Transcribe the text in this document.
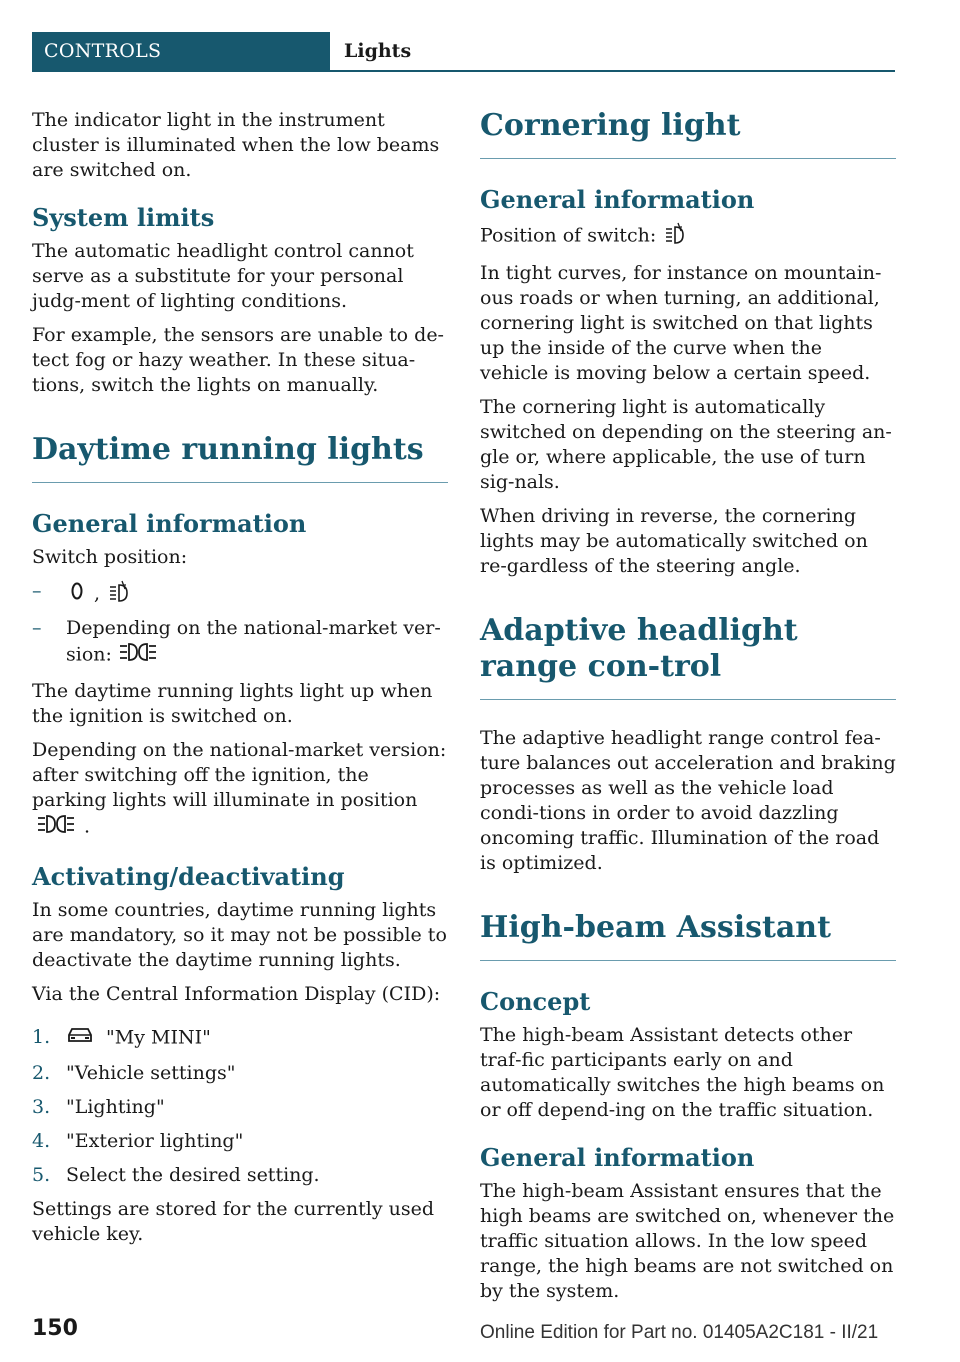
CONTROLS	Lights

The indicator light in the instrument cluster is illuminated when the low beams are switched on.

System limits

The automatic headlight control cannot serve as a substitute for your personal judg‐ment of lighting conditions.

For example, the sensors are unable to de‐tect fog or hazy weather. In these situa‐tions, switch the lights on manually.

Daytime running lights
General information

Switch position:

–	,
– Depending on the national-market ver‐sion:

The daytime running lights light up when the ignition is switched on.

Depending on the national-market version: after switching off the ignition, the parking lights will illuminate in position .

Activating/deactivating

In some countries, daytime running lights are mandatory, so it may not be possible to deactivate the daytime running lights.

Via the Central Information Display (CID):

1.	"My MINI"
2. "Vehicle settings"
3. "Lighting"
4. "Exterior lighting"
5. Select the desired setting.

Settings are stored for the currently used vehicle key.

Cornering light
General information

Position of switch:

In tight curves, for instance on mountain‐ous roads or when turning, an additional, cornering light is switched on that lights up the inside of the curve when the vehicle is moving below a certain speed.

The cornering light is automatically switched on depending on the steering an‐gle or, where applicable, the use of turn sig‐nals.

When driving in reverse, the cornering lights may be automatically switched on re‐gardless of the steering angle.

Adaptive headlight range con‐trol

The adaptive headlight range control fea‐ture balances out acceleration and braking processes as well as the vehicle load condi‐tions in order to avoid dazzling oncoming traffic. Illumination of the road is optimized.

High-beam Assistant
Concept

The high-beam Assistant detects other traf‐fic participants early on and automatically switches the high beams on or off depend‐ing on the traffic situation.

General information

The high-beam Assistant ensures that the high beams are switched on, whenever the traffic situation allows. In the low speed range, the high beams are not switched on by the system.

150	Online Edition for Part no. 01405A2C181 - II/21
